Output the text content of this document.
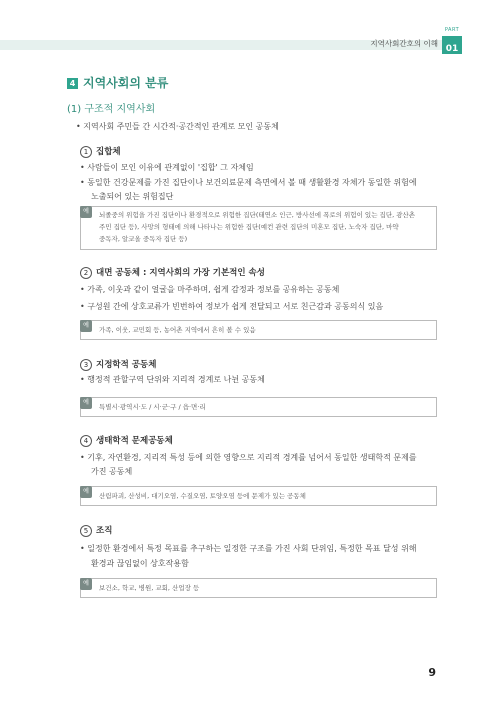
지역사회간호의 이해
PART
01
4 지역사회의 분류
(1) 구조적 지역사회
• 지역사회 주민들 간 시간적·공간적인 관계로 모인 공동체
1 집합체
• 사람들이 모인 이유에 관계없이 '집합' 그 자체임
• 동일한 건강문제를 가진 집단이나 보건의료문제 측면에서 볼 때 생활환경 자체가 동일한 위험에
노출되어 있는 위험집단
예	뇌졸중의 위험을 가진 집단이나 환경적으로 위험한 집단(태연소 인근, 방사선에 폭로의 위험이 있는 집단, 광산촌
주민 집단 등), 사망의 형태에 의해 나타나는 위험한 집단(예컨 관련 집단의 미혼모 집단, 노숙자 집단, 마약
중독자, 알코올 중독자 집단 등)
2 대면 공동체 : 지역사회의 가장 기본적인 속성
• 가족, 이웃과 같이 얼굴을 마주하며, 쉽게 감정과 정보를 공유하는 공동체
• 구성원 간에 상호교류가 빈번하여 정보가 쉽게 전달되고 서로 친근감과 공동의식 있음
예
가족, 이웃, 교민회 등, 농어촌 지역에서 흔히 볼 수 있음
3 지정학적 공동체
• 행정적 관할구역 단위와 지리적 경계로 나뉜 공동체
예
특별시·광역시·도 / 시·군·구 / 읍·면·리
4 생태학적 문제공동체
• 기후, 자연환경, 지리적 특성 등에 의한 영향으로 지리적 경계를 넘어서 동일한 생태학적 문제를
가진 공동체
예
산림파괴, 산성비, 대기오염, 수질오염, 토양오염 등에 문제가 있는 공동체
5 조직
• 일정한 환경에서 특정 목표를 추구하는 일정한 구조를 가진 사회 단위임, 특정한 목표 달성 위해
환경과 끊임없이 상호작용함
예
보건소, 학교, 병원, 교회, 산업장 등
9
